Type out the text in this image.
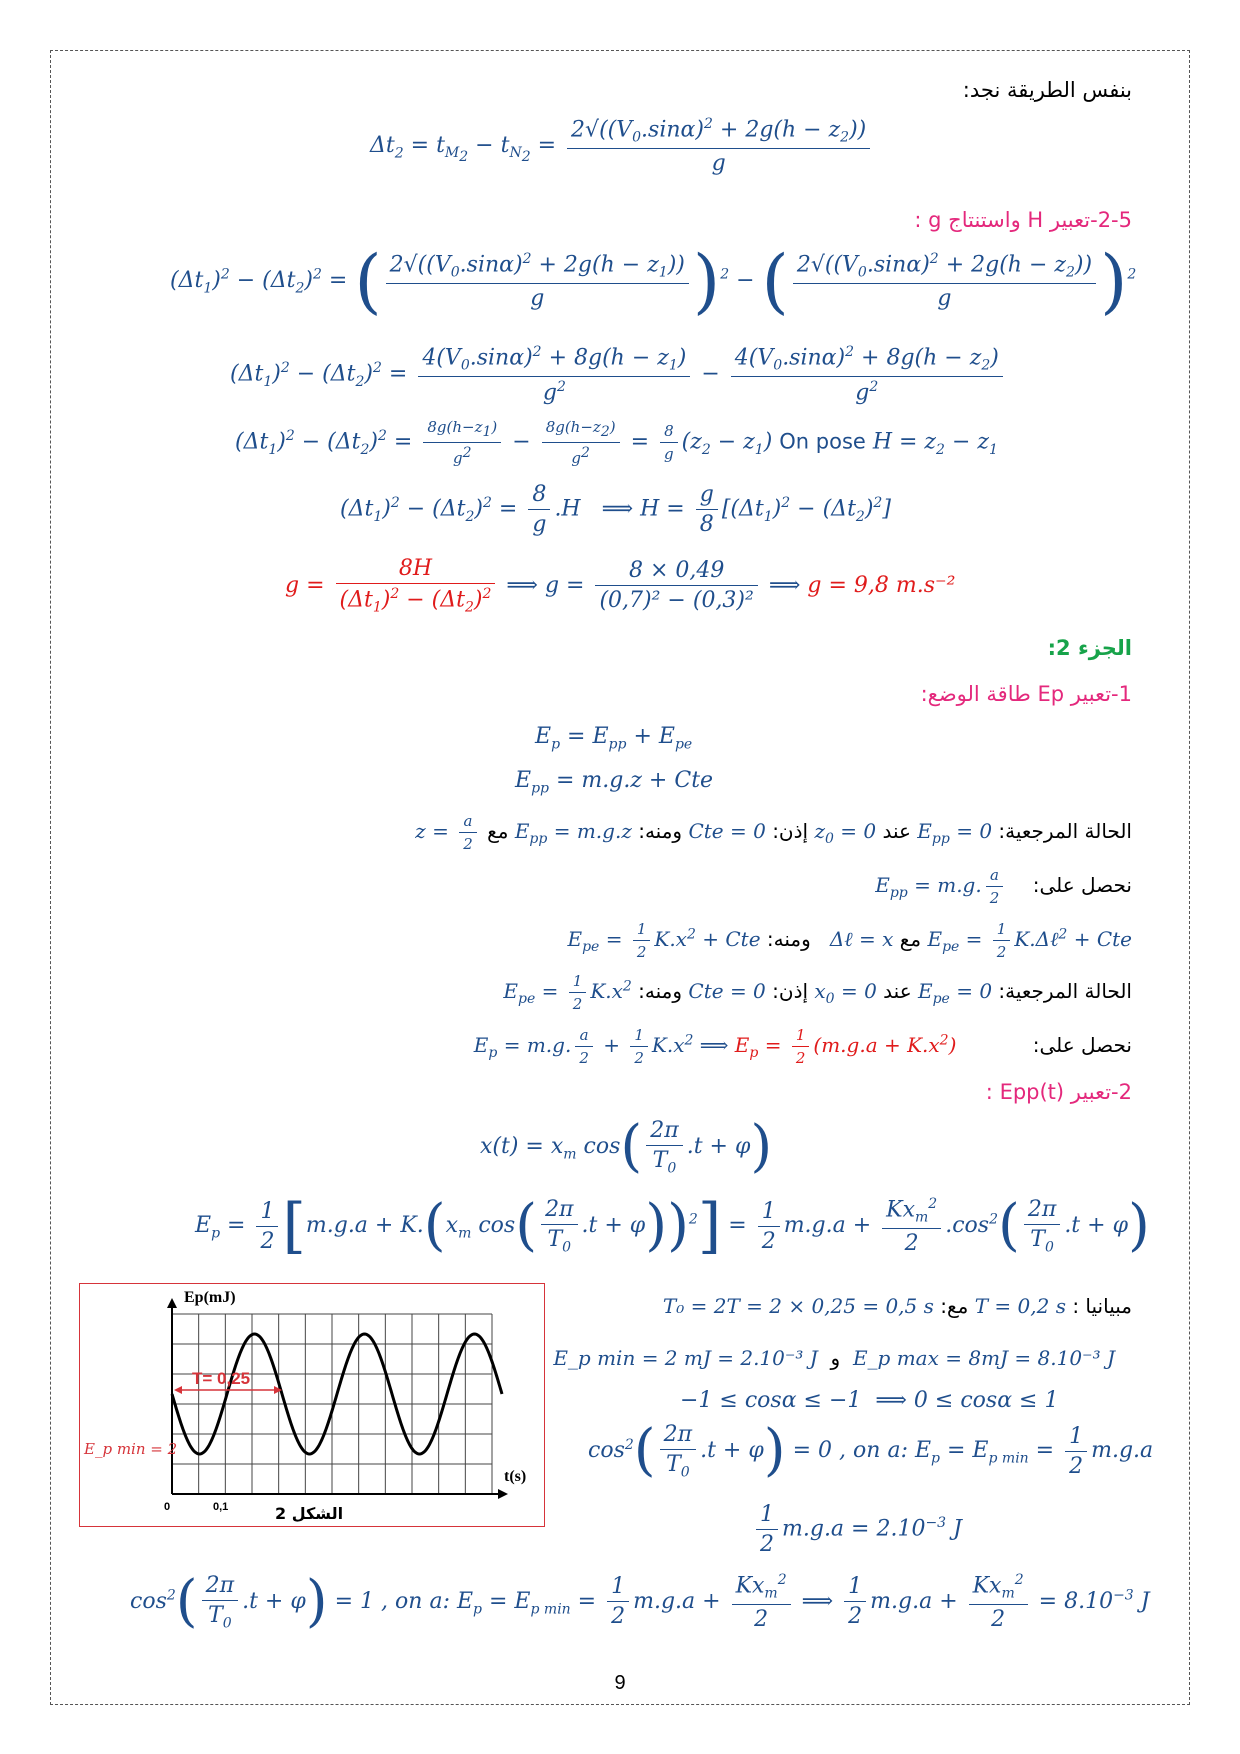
بنفس الطريقة نجد:
$\Delta t_2 = t_{M_2} - t_{N_2} = \frac{2√((V_0.\sin\alpha)^2 + 2g(h - z_2))}{g}$
2-5-تعبير H واستنتاج g :
$(\Delta t_1)^2 - (\Delta t_2)^2$ = ( $\frac{2√((V_0.\sin\alpha)^2 + 2g(h - z_1))}{g} )^2$ − ( $\frac{2√((V_0.\sin\alpha)^2 + 2g(h - z_2))}{g} )^2$
$(\Delta t_1)^2 - (\Delta t_2)^2 = \frac{4(V_0.\sin\alpha)^2 + 8g(h - z_1)}{g^2} - \frac{4(V_0.\sin\alpha)^2 + 8g(h - z_2)}{g^2}$
$(\Delta t_1)^2 - (\Delta t_2)^2 = \frac{8g(h-z_1)}{g^2} - \frac{8g(h-z_2)}{g^2} = \frac{8}{g} (z_2 - z_1)$ On pose $H = z_2 - z_1$
$(\Delta t_1)^2 - (\Delta t_2)^2 = \frac{8}{g} .H$   ⟹ $H = \frac{g}{8} [(\Delta t_1)^2 - (\Delta t_2)^2]$
$g = \frac{8H}{(\Delta t_1)^2 - (\Delta t_2)^2}$ ⟹ $g = \frac{8 \times 0,49}{\text{(0,7)² − (0,3)²}}$ ⟹ g = 9,8 m.s⁻²
الجزء 2:
1-تعبير Ep طاقة الوضع:
$E_p = E_{pp} + E_{pe}$
$E_{pp} = m.g.z$ + Cte
الحالة المرجعية: $E_{pp} = 0$ عند $z_0 = 0$ إذن: Cte = 0 ومنه: $E_{pp} = m.g.z$ مع $z = \frac{a}{2}$
نحصل على:    $E_{pp} = m.g$. $\frac{a}{2}$
$E_{pe} = \frac{1}{2}$ K.Δℓ$^2$ + Cte مع Δℓ = x   ومنه: $E_{pe} = \frac{1}{2} K.x^2$ + Cte
الحالة المرجعية: $E_{pe} = 0$ عند $x_0 = 0$ إذن: Cte = 0 ومنه: $E_{pe} = \frac{1}{2} K.x^2$
نحصل على:            $E_p = m.g$. $\frac{a}{2} + \frac{1}{2} K.x^2$ ⟹ $E_p = \frac{1}{2} (m.g.a + K.x^2)$
2-تعبير Epp(t) :
$x(t) = x_m$ $\cos( \frac{2\pi}{T_0} .t + \varphi)$
$E_p = \frac{1}{2} [m.g.a + K.(x_m$ $\cos( \frac{2\pi}{T_0} .t + \varphi))^2] = \frac{1}{2} m.g.a + \frac{Kx_m^2}{2} .\cos^2( \frac{2\pi}{T_0} .t + \varphi)$
T= 0,25
E_p min = 2
Ep(mJ)
t(s)
0	0,1	الشكل 2
مبيانيا : T = 0,2 s مع: T₀ = 2T = 2 × 0,25 = 0,5 s
E_p max = 8mJ = 8.10⁻³ J  و  E_p min = 2 mJ = 2.10⁻³ J
−1 ≤ cosα ≤ −1  ⟹ 0 ≤ cosα ≤ 1
$\cos^2( \frac{2\pi}{T_0} .t + \varphi) = 0$ , on a: $E_p = E_{p min} = \frac{1}{2} m.g.a$
$\frac{1}{2} m.g.a = 2.10^{-3}$ J
$\cos^2( \frac{2\pi}{T_0} .t + \varphi) = 1$ , on a: $E_p = E_{p min} = \frac{1}{2} m.g.a + \frac{Kx_m^2}{2}$ ⟹ $\frac{1}{2} m.g.a + \frac{Kx_m^2}{2} = 8.10^{-3}$ J
9
